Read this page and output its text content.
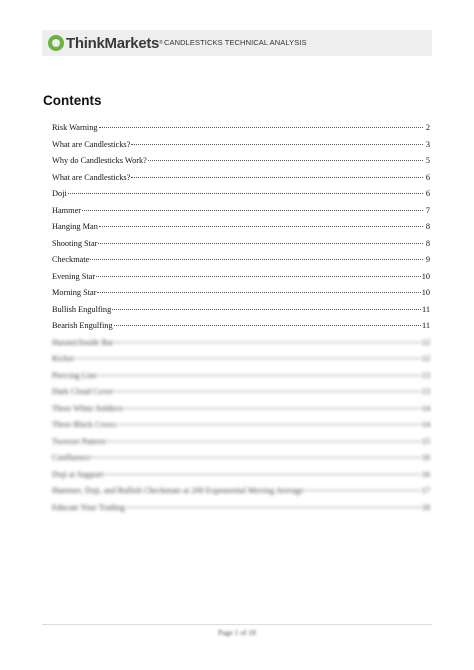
ThinkMarkets ® CANDLESTICKS TECHNICAL ANALYSIS
Contents
Risk Warning	2
What are Candlesticks?	3
Why do Candlesticks Work?	5
What are Candlesticks?	6
Doji	6
Hammer	7
Hanging Man	8
Shooting Star	8
Checkmate	9
Evening Star	10
Morning Star	10
Bullish Engulfing	11
Bearish Engulfing	11
Harami/Inside Bar	12
Kicker	12
Piercing Line	13
Dark Cloud Cover	13
Three White Soldiers	14
Three Black Crows	14
Tweezer Pattern	15
Confluence	16
Doji at Support	16
Hammer, Doji, and Bullish Checkmate at 200 Exponential Moving Average	17
Educate Your Trading	18
Page 1 of 18
